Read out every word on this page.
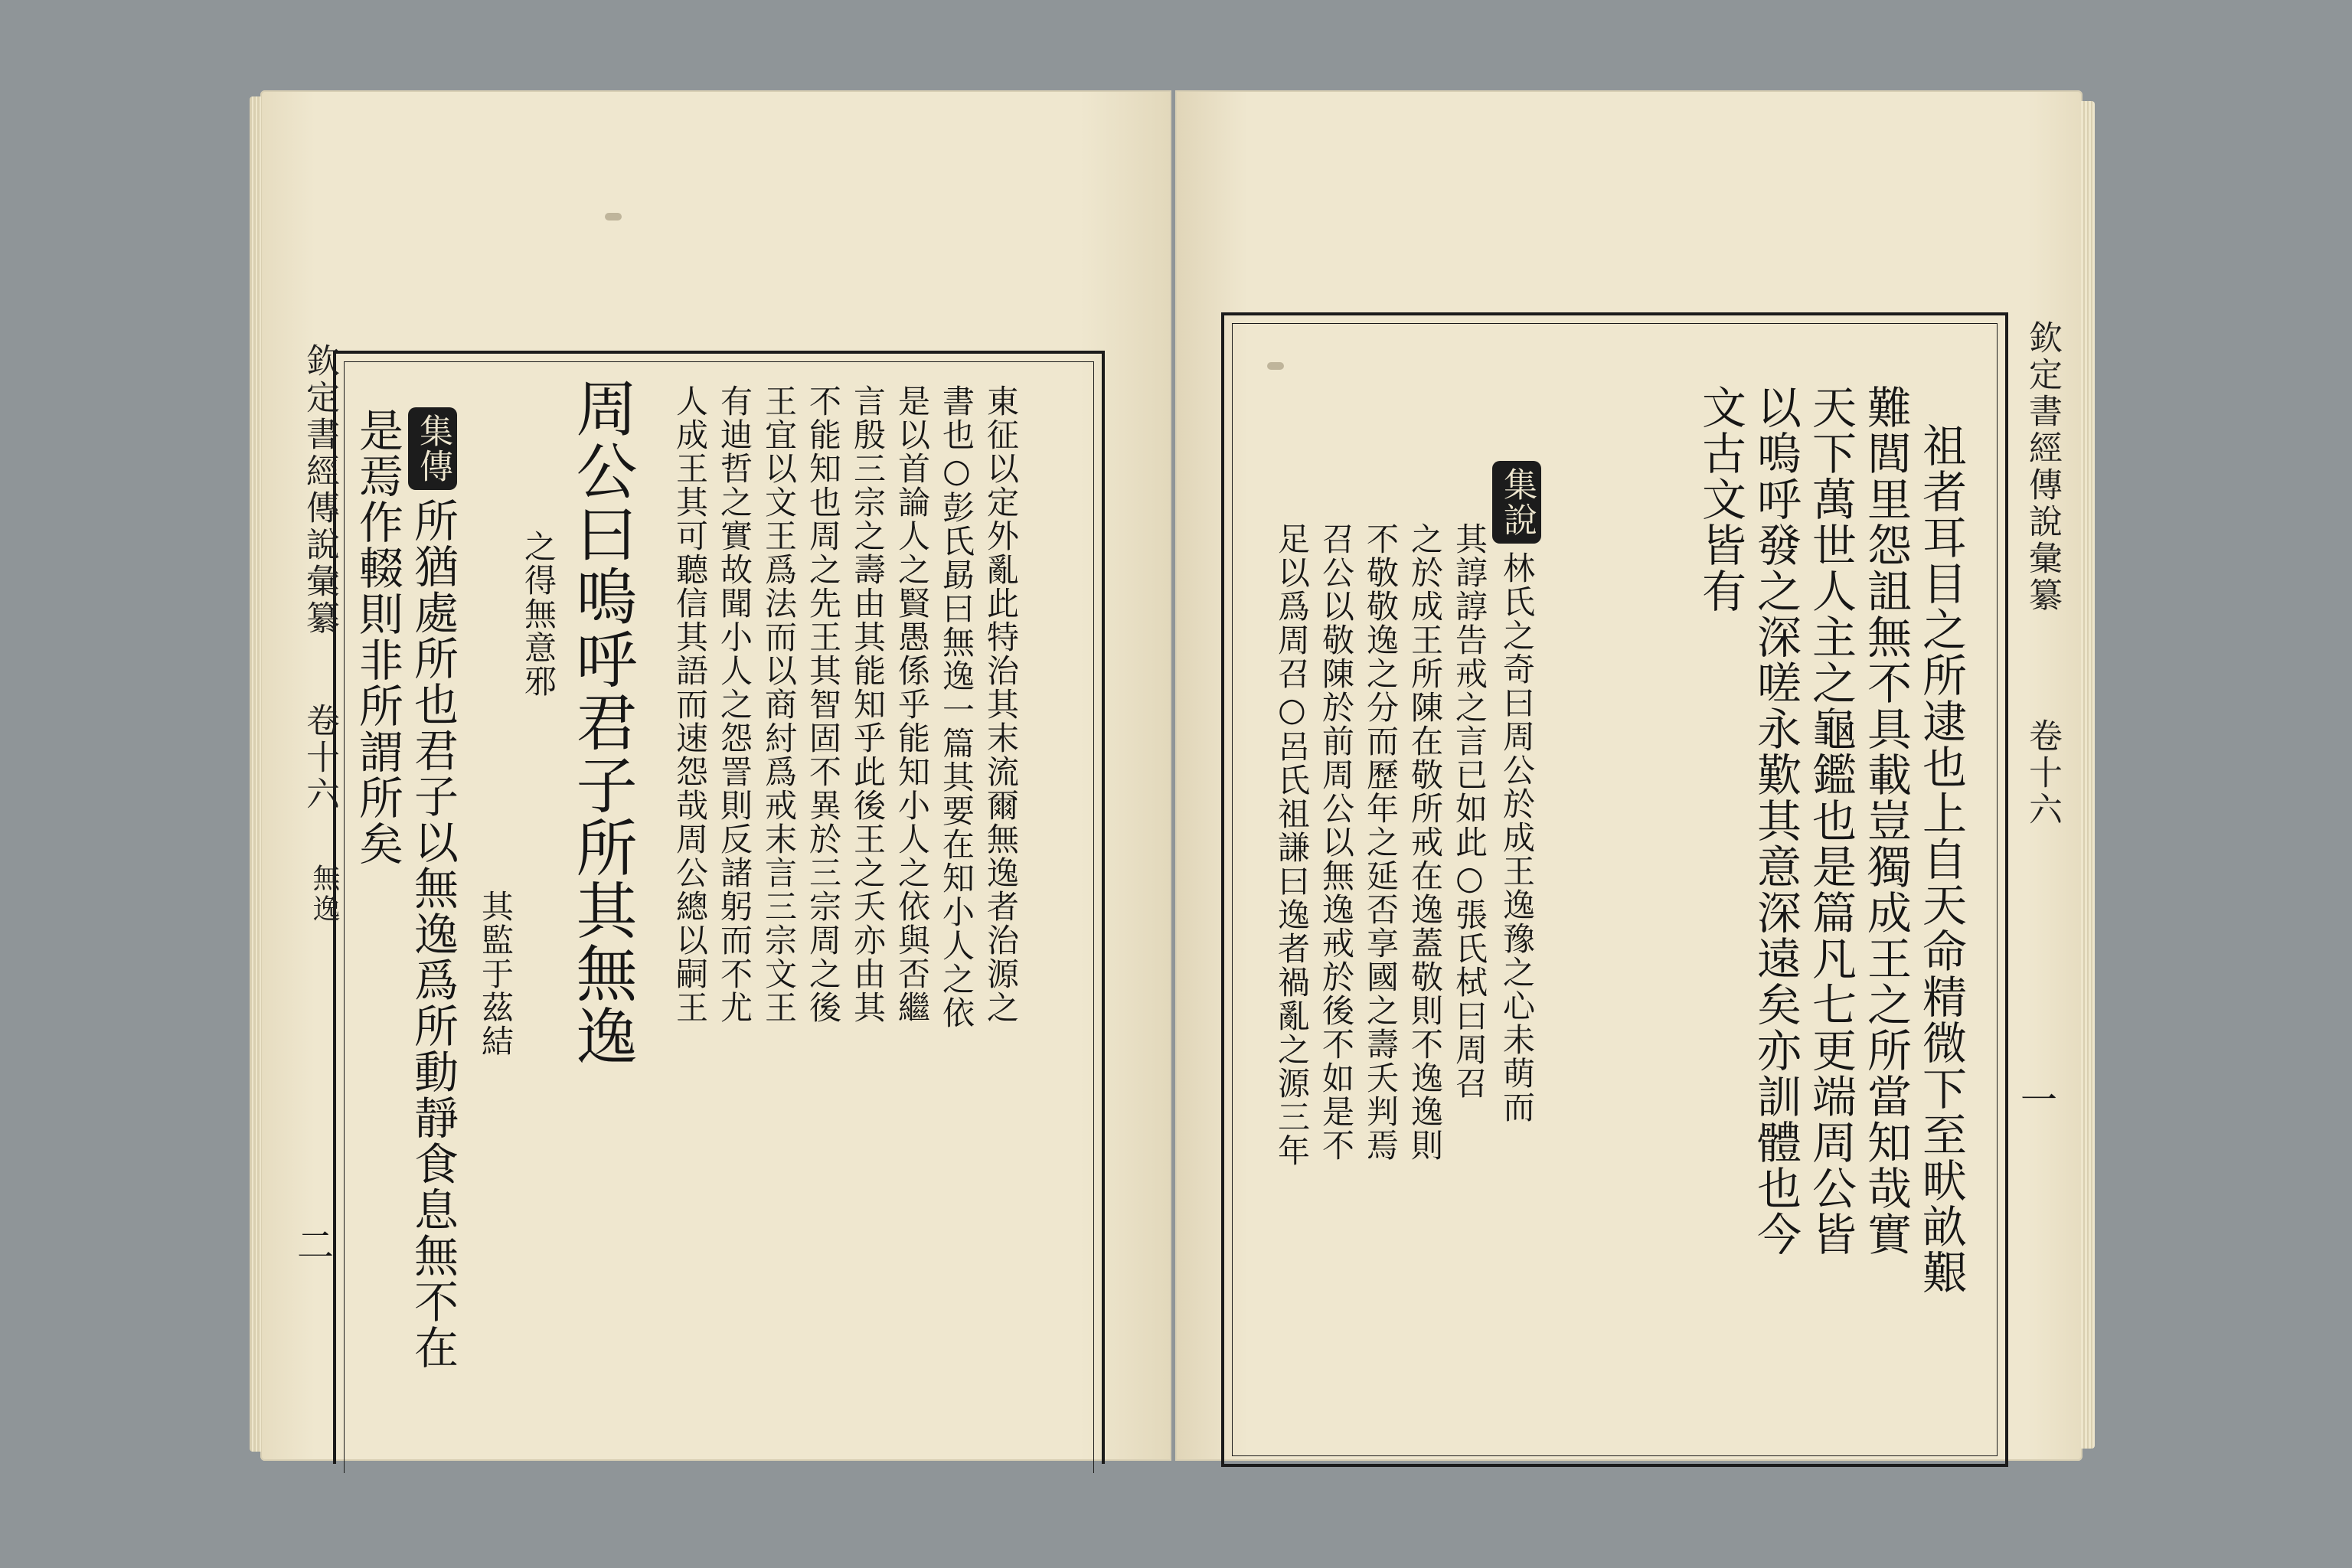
欽定書經傳說彙纂
卷十六
無逸
二
周公曰嗚呼君子所其無逸
之得無意邪
其監于茲結	東征以定外亂此特治其末流爾無逸者治源之
書也○彭氏勗曰無逸一篇其要在知小人之依
是以首論人之賢愚係乎能知小人之依與否繼
言殷三宗之壽由其能知乎此後王之夭亦由其
不能知也周之先王其智固不異於三宗周之後
王宜以文王爲法而以商紂爲戒末言三宗文王
有迪哲之實故聞小人之怨詈則反諸躬而不尤
人成王其可聽信其語而速怨哉周公總以嗣王
集傳所猶處所也君子以無逸爲所動靜食息無不在
是焉作輟則非所謂所矣	祖者耳目之所逮也上自天命精微下至畎畝艱
難閭里怨詛無不具載豈獨成王之所當知哉實
天下萬世人主之龜鑑也是篇凡七更端周公皆
以嗚呼發之深嗟永歎其意深遠矣亦訓體也今
文古文皆有
集說林氏之奇曰周公於成王逸豫之心未萌而
其諄諄告戒之言已如此○張氏栻曰周召
之於成王所陳在敬所戒在逸蓋敬則不逸逸則
不敬敬逸之分而歷年之延否享國之壽夭判焉
召公以敬陳於前周公以無逸戒於後不如是不
足以爲周召○呂氏祖謙曰逸者禍亂之源三年
欽定書經傳說彙纂
卷十六
一
